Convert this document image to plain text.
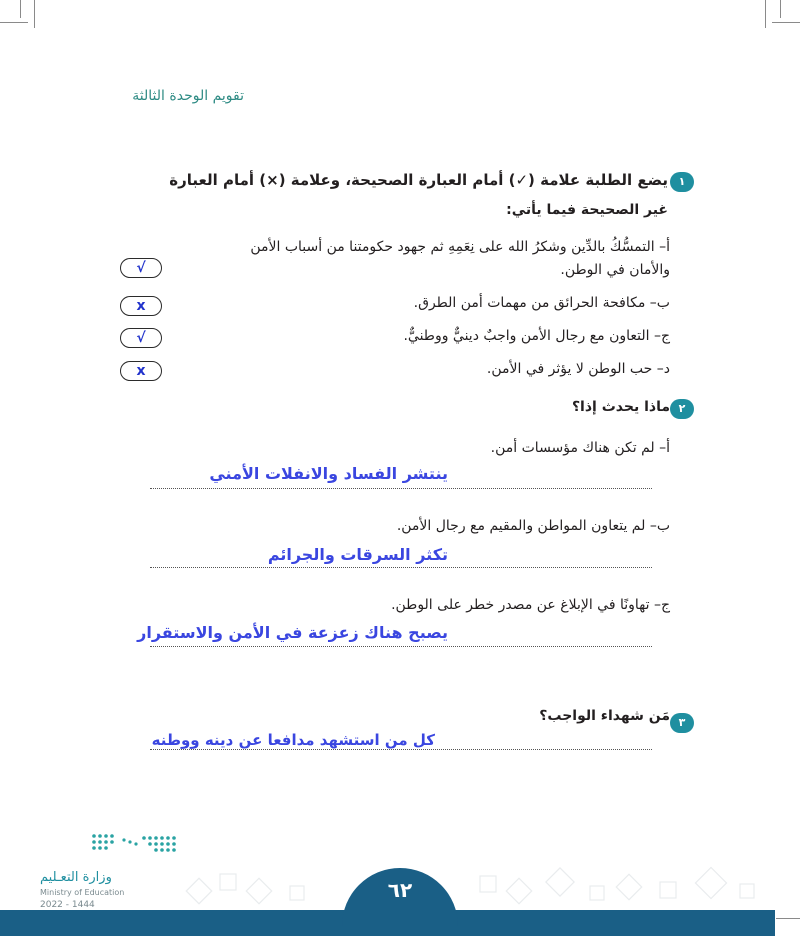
تقويم الوحدة الثالثة
١
يضع الطلبة علامة (✓) أمام العبارة الصحيحة، وعلامة (×) أمام العبارة
غير الصحيحة فيما يأتي:
أ– التمسُّكُ بالدِّين وشكرُ الله على نِعَمِهِ ثم جهود حكومتنا من أسباب الأمن
والأمان في الوطن.
√
ب– مكافحة الحرائق من مهمات أمن الطرق.
x
ج– التعاون مع رجال الأمن واجبٌ دينيٌّ ووطنيٌّ.
√
د– حب الوطن لا يؤثر في الأمن.
x
٢
ماذا يحدث إذا؟
أ– لم تكن هناك مؤسسات أمن.
ينتشر الفساد والانفلات الأمني
ب– لم يتعاون المواطن والمقيم مع رجال الأمن.
تكثر السرقات والجرائم
ج– تهاونًا في الإبلاغ عن مصدر خطر على الوطن.
يصبح هناك زعزعة في الأمن والاستقرار
٣
مَن شهداء الواجب؟
كل من استشهد مدافعا عن دينه ووطنه
وزارة التعـليم
Ministry of Education
2022 - 1444
٦٢
